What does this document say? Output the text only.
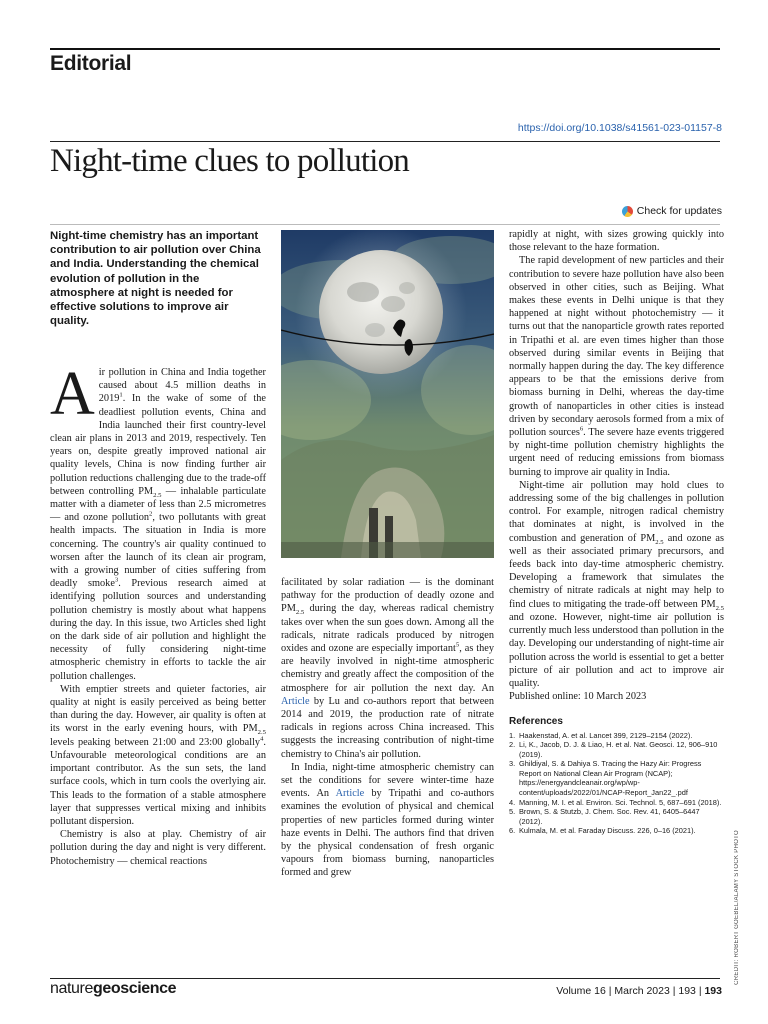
Editorial
https://doi.org/10.1038/s41561-023-01157-8
Night-time clues to pollution
Check for updates
Night-time chemistry has an important contribution to air pollution over China and India. Understanding the chemical evolution of pollution in the atmosphere at night is needed for effective solutions to improve air quality.

Air pollution in China and India together caused about 4.5 million deaths in 2019$^1$. In the wake of some of the deadliest pollution events, China and India launched their first country-level clean air plans in 2013 and 2019, respectively. Ten years on, despite greatly improved national air quality levels, China is now finding further air pollution reductions challenging due to the trade-off between controlling $PM_{2.5}$ — inhalable particulate matter with a diameter of less than 2.5 micrometres — and ozone pollution$^2$, two pollutants with great health impacts. The situation in India is more concerning. The country's air quality continued to worsen after the launch of its clean air program, with a growing number of cities suffering from deadly smoke$^3$. Previous research aimed at identifying pollution sources and understanding pollution chemistry is mostly about what happens during the day. In this issue, two Articles shed light on the dark side of air pollution and highlight the necessity of fully considering night-time atmospheric chemistry in efforts to tackle the air pollution challenges.

With emptier streets and quieter factories, air quality at night is easily perceived as being better than during the day. However, air quality is often at its worst in the early evening hours, with $PM_{2.5}$ levels peaking between 21:00 and 23:00 globally$^4$. Unfavourable meteorological conditions are an important contributor. As the sun sets, the land surface cools, which in turn cools the overlying air. This leads to the formation of a stable atmosphere layer that suppresses vertical mixing and inhibits pollutant dispersion.

Chemistry is also at play. Chemistry of air pollution during the day and night is very different. Photochemistry — chemical reactions

facilitated by solar radiation — is the dominant pathway for the production of deadly ozone and $PM_{2.5}$ during the day, whereas radical chemistry takes over when the sun goes down. Among all the radicals, nitrate radicals produced by nitrogen oxides and ozone are especially important$^5$, as they are heavily involved in night-time atmospheric chemistry and greatly affect the composition of the atmosphere for air pollution the next day. An Article by Lu and co-authors report that between 2014 and 2019, the production rate of nitrate radicals in regions across China increased. This suggests the increasing contribution of night-time chemistry to China's air pollution.

In India, night-time atmospheric chemistry can set the conditions for severe winter-time haze events. An Article by Tripathi and co-authors examines the evolution of physical and chemical properties of new particles formed during winter haze events in Delhi. The authors find that driven by the physical condensation of fresh organic vapours from biomass burning, nanoparticles formed and grew

rapidly at night, with sizes growing quickly into those relevant to the haze formation.

The rapid development of new particles and their contribution to severe haze pollution have also been observed in other cities, such as Beijing. What makes these events in Delhi unique is that they happened at night without photochemistry — it turns out that the nanoparticle growth rates reported in Tripathi et al. are even times higher than those observed during similar events in Beijing that normally happen during the day. The key difference appears to be that the emissions derive from biomass burning in Delhi, whereas the day-time growth of nanoparticles in other cities is instead driven by secondary aerosols formed from a mix of pollution sources$^6$. The severe haze events triggered by night-time pollution chemistry highlights the urgent need of reducing emissions from biomass burning to improve air quality in India.

Night-time air pollution may hold clues to addressing some of the big challenges in pollution control. For example, nitrogen radical chemistry that dominates at night, is involved in the combustion and generation of $PM_{2.5}$ and ozone as well as their associated primary precursors, and feeds back into day-time atmospheric chemistry. Developing a framework that simulates the chemistry of nitrate radicals at night may help to find clues to mitigating the trade-off between $PM_{2.5}$ and ozone. However, night-time air pollution is currently much less understood than pollution in the day. Developing our understanding of night-time air pollution across the world is essential to get a better picture of air pollution and act to improve air quality.

Published online: 10 March 2023

References
1. Haakenstad, A. et al. Lancet 399, 2129–2154 (2022).
2. Li, K., Jacob, D. J. & Liao, H. et al. Nat. Geosci. 12, 906–910 (2019).
3. Ghildiyal, S. & Dahiya S. Tracing the Hazy Air: Progress Report on National Clean Air Program (NCAP); https://energyandcleanair.org/wp/wp-content/uploads/2022/01/NCAP-Report_Jan22_.pdf
4. Manning, M. I. et al. Environ. Sci. Technol. 5, 687–691 (2018).
5. Brown, S. & Stutzb, J. Chem. Soc. Rev. 41, 6405–6447 (2012).
6. Kulmala, M. et al. Faraday Discuss. 226, 0–16 (2021).	CREDIT: ROBERT GOEBEL/ALAMY STOCK PHOTO
naturegeoscience	Volume 16 | March 2023 | 193 | 193
